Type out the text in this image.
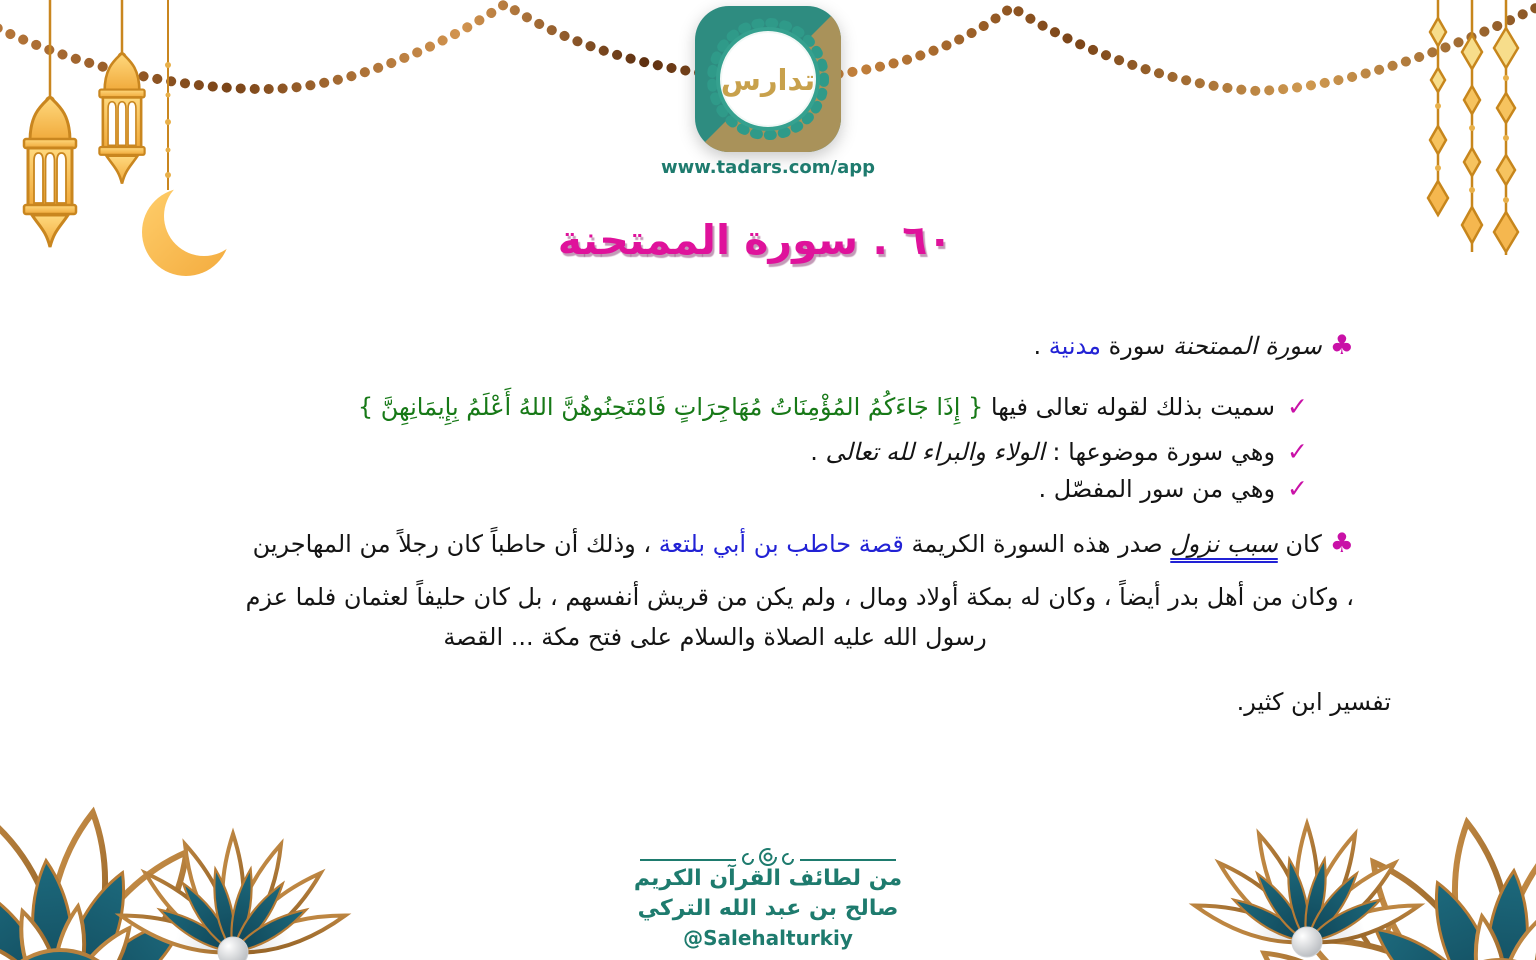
تدارس
www.tadars.com/app
٦٠ . سورة الممتحنة
♣سورة الممتحنة سورة مدنية .
✓سميت بذلك لقوله تعالى فيها { إِذَا جَاءَكُمُ المُؤْمِنَاتُ مُهَاجِرَاتٍ فَامْتَحِنُوهُنَّ اللهُ أَعْلَمُ بِإِيمَانِهِنَّ }
✓وهي سورة موضوعها : الولاء والبراء لله تعالى .
✓وهي من سور المفصّل .
♣كان سبب نزول صدر هذه السورة الكريمة قصة حاطب بن أبي بلتعة ، وذلك أن حاطباً كان رجلاً من المهاجرين
، وكان من أهل بدر أيضاً ، وكان له بمكة أولاد ومال ، ولم يكن من قريش أنفسهم ، بل كان حليفاً لعثمان فلما عزم
رسول الله عليه الصلاة والسلام على فتح مكة ... القصة
تفسير ابن كثير.
من لطائف القرآن الكريم
صالح بن عبد الله التركي
@Salehalturkiy
